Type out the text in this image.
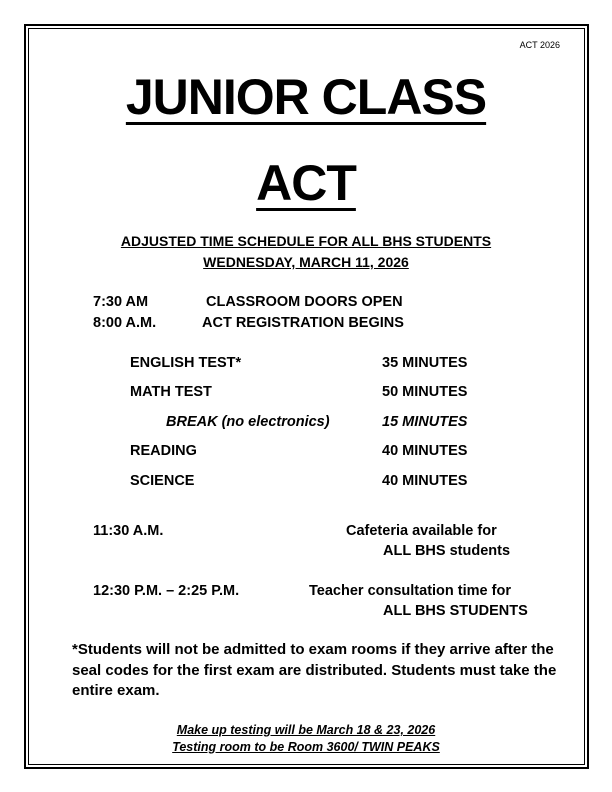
ACT 2026
JUNIOR CLASS
ACT
ADJUSTED TIME SCHEDULE FOR ALL BHS STUDENTS
WEDNESDAY, MARCH 11, 2026
7:30 AM	CLASSROOM DOORS OPEN
8:00 A.M.	ACT REGISTRATION BEGINS
ENGLISH TEST*	35 MINUTES
MATH TEST	50 MINUTES
BREAK (no electronics)	15 MINUTES
READING	40 MINUTES
SCIENCE	40 MINUTES
11:30 A.M.	Cafeteria available for
ALL BHS students
12:30 P.M. – 2:25 P.M.	Teacher consultation time for
ALL BHS STUDENTS
*Students will not be admitted to exam rooms if they arrive after the seal codes for the first exam are distributed. Students must take the entire exam.
Make up testing will be March 18 & 23, 2026
Testing room to be Room 3600/ TWIN PEAKS
